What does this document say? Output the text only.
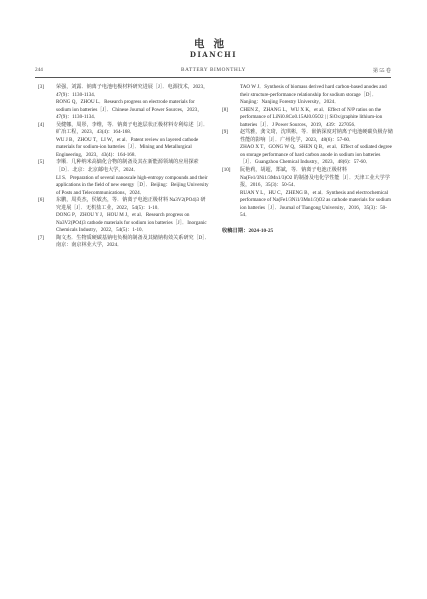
电池
DIANCHI
244	BATTERY BIMONTHLY	第 55 卷
[3] 荣强，刘露．钠离子电池电极材料研究进展［J］．电源技术，2023，47(9)：1130-1134．

RONG Q，ZHOU L．Research progress on electrode materials for sodium ion batteries［J］．Chinese Journal of Power Sources，2023，47(9)：1130-1134．

[4] 吴健娜，周彤，李维，等．钠离子电池层状正极材料专利综述［J］．矿冶工程，2023，43(4)：164-168．

WU J B，ZHOU T，LI W，et al．Patent review on layered cathode materials for sodium-ion batteries［J］．Mining and Metallurgical Engineering，2023，43(4)：164-168．

[5] 李顺．几种纳米高熵化合物的制备及其在新能源领域的应用探索［D］．北京：北京邮电大学，2024．

LI S．Preparation of several nanoscale high-entropy compounds and their applications in the field of new energy［D］．Beijing：Beijing University of Posts and Telecommunications，2024．

[6] 东鹏，周英杰，侯敏杰，等．钠离子电池正极材料 Na3V2(PO4)3 研究进展［J］．无机盐工业，2022，54(5)：1-10．

DONG P，ZHOU Y J，HOU M J，et al．Research progress on Na3V2(PO4)3 cathode materials for sodium ion batteries［J］．Inorganic Chemicals Industry，2022，54(5)：1-10．

[7] 陶文杰．生物质硬碳基钠电负极的制备及其储钠构效关系研究［D］．南京：南京林业大学，2024．

TAO W J．Synthesis of biomass derived hard carbon-based anodes and their structure-performance relationship for sodium storage［D］．Nanjing：Nanjing Forestry University，2024．

[8] CHEN Z，ZHANG L，WU X K，et al．Effect of N/P ratios on the performance of LiNi0.8Co0.15Al0.05O2 | | SiOx/graphite lithium-ion batteries［J］．J Power Sources，2019，439：227056．

[9] 赵笃雅，龚文琦，沈琪彬，等．嵌钠深度对钠离子电池硬碳负极存储性能的影响［J］．广州化学，2023，48(6)：57-60．

ZHAO X T，GONG W Q，SHEN Q B，et al．Effect of sodiated degree on storage performance of hard carbon anode in sodium ion batteries［J］．Guangzhou Chemical Industry，2023，48(6)：57-60．

[10] 阮艳莉，胡超，郑斌，等．钠离子电池正极材料 Na(Fe1/3Ni1/3Mn1/3)O2 的制备及电化学性能［J］．天津工业大学学报，2016，35(3)：50-54．

RUAN Y L，HU C，ZHENG B，et al．Synthesis and electrochemical performance of Na(Fe1/3Ni1/3Mn1/3)O2 as cathode materials for sodium ion batteries［J］．Journal of Tiangong University，2016，35(3)：50-54．

收稿日期：2024-10-25
